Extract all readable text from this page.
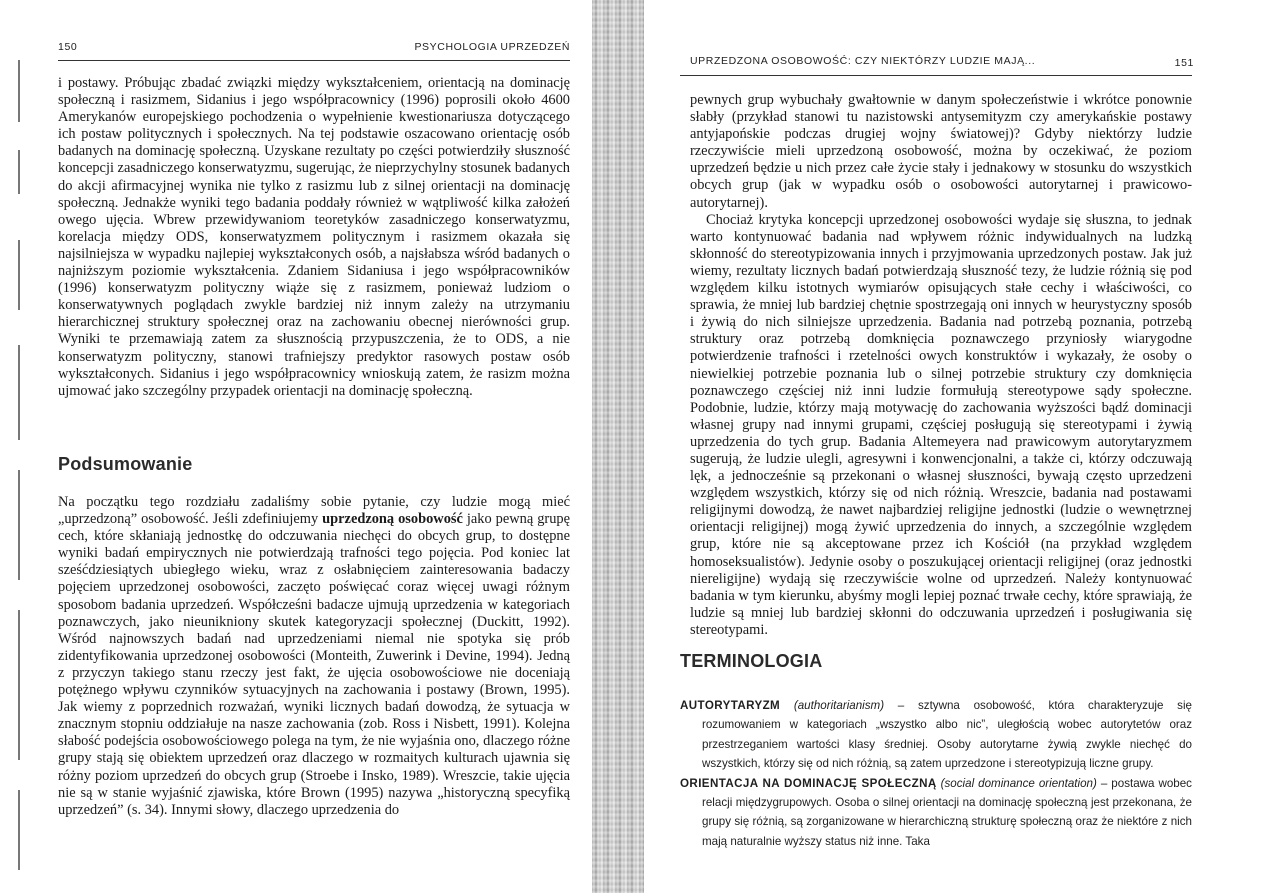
150	PSYCHOLOGIA UPRZEDZEŃ

i postawy. Próbując zbadać związki między wykształceniem, orientacją na dominację społeczną i rasizmem, Sidanius i jego współpracownicy (1996) poprosili około 4600 Amerykanów europejskiego pochodzenia o wypełnienie kwestionariusza dotyczącego ich postaw politycznych i społecznych. Na tej podstawie oszacowano orientację osób badanych na dominację społeczną. Uzyskane rezultaty po części potwierdziły słuszność koncepcji zasadniczego konserwatyzmu, sugerując, że nieprzychylny stosunek badanych do akcji afirmacyjnej wynika nie tylko z rasizmu lub z silnej orientacji na dominację społeczną. Jednakże wyniki tego badania poddały również w wątpliwość kilka założeń owego ujęcia. Wbrew przewidywaniom teoretyków zasadniczego konserwatyzmu, korelacja między ODS, konserwatyzmem politycznym i rasizmem okazała się najsilniejsza w wypadku najlepiej wykształconych osób, a najsłabsza wśród badanych o najniższym poziomie wykształcenia. Zdaniem Sidaniusa i jego współpracowników (1996) konserwatyzm polityczny wiąże się z rasizmem, ponieważ ludziom o konserwatywnych poglądach zwykle bardziej niż innym zależy na utrzymaniu hierarchicznej struktury społecznej oraz na zachowaniu obecnej nierówności grup. Wyniki te przemawiają zatem za słusznością przypuszczenia, że to ODS, a nie konserwatyzm polityczny, stanowi trafniejszy predyktor rasowych postaw osób wykształconych. Sidanius i jego współpracownicy wnioskują zatem, że rasizm można ujmować jako szczególny przypadek orientacji na dominację społeczną.

Podsumowanie

Na początku tego rozdziału zadaliśmy sobie pytanie, czy ludzie mogą mieć „uprzedzoną” osobowość. Jeśli zdefiniujemy uprzedzoną osobowość jako pewną grupę cech, które skłaniają jednostkę do odczuwania niechęci do obcych grup, to dostępne wyniki badań empirycznych nie potwierdzają trafności tego pojęcia. Pod koniec lat sześćdziesiątych ubiegłego wieku, wraz z osłabnięciem zainteresowania badaczy pojęciem uprzedzonej osobowości, zaczęto poświęcać coraz więcej uwagi różnym sposobom badania uprzedzeń. Współcześni badacze ujmują uprzedzenia w kategoriach poznawczych, jako nieunikniony skutek kategoryzacji społecznej (Duckitt, 1992). Wśród najnowszych badań nad uprzedzeniami niemal nie spotyka się prób zidentyfikowania uprzedzonej osobowości (Monteith, Zuwerink i Devine, 1994). Jedną z przyczyn takiego stanu rzeczy jest fakt, że ujęcia osobowościowe nie doceniają potężnego wpływu czynników sytuacyjnych na zachowania i postawy (Brown, 1995). Jak wiemy z poprzednich rozważań, wyniki licznych badań dowodzą, że sytuacja w znacznym stopniu oddziałuje na nasze zachowania (zob. Ross i Nisbett, 1991). Kolejna słabość podejścia osobowościowego polega na tym, że nie wyjaśnia ono, dlaczego różne grupy stają się obiektem uprzedzeń oraz dlaczego w rozmaitych kulturach ujawnia się różny poziom uprzedzeń do obcych grup (Stroebe i Insko, 1989). Wreszcie, takie ujęcia nie są w stanie wyjaśnić zjawiska, które Brown (1995) nazywa „historyczną specyfiką uprzedzeń” (s. 34). Innymi słowy, dlaczego uprzedzenia do

UPRZEDZONA OSOBOWOŚĆ: CZY NIEKTÓRZY LUDZIE MAJĄ...	151

pewnych grup wybuchały gwałtownie w danym społeczeństwie i wkrótce ponownie słabły (przykład stanowi tu nazistowski antysemityzm czy amerykańskie postawy antyjapońskie podczas drugiej wojny światowej)? Gdyby niektórzy ludzie rzeczywiście mieli uprzedzoną osobowość, można by oczekiwać, że poziom uprzedzeń będzie u nich przez całe życie stały i jednakowy w stosunku do wszystkich obcych grup (jak w wypadku osób o osobowości autorytarnej i prawicowo-autorytarnej).

Chociaż krytyka koncepcji uprzedzonej osobowości wydaje się słuszna, to jednak warto kontynuować badania nad wpływem różnic indywidualnych na ludzką skłonność do stereotypizowania innych i przyjmowania uprzedzonych postaw. Jak już wiemy, rezultaty licznych badań potwierdzają słuszność tezy, że ludzie różnią się pod względem kilku istotnych wymiarów opisujących stałe cechy i właściwości, co sprawia, że mniej lub bardziej chętnie spostrzegają oni innych w heurystyczny sposób i żywią do nich silniejsze uprzedzenia. Badania nad potrzebą poznania, potrzebą struktury oraz potrzebą domknięcia poznawczego przyniosły wiarygodne potwierdzenie trafności i rzetelności owych konstruktów i wykazały, że osoby o niewielkiej potrzebie poznania lub o silnej potrzebie struktury czy domknięcia poznawczego częściej niż inni ludzie formułują stereotypowe sądy społeczne. Podobnie, ludzie, którzy mają motywację do zachowania wyższości bądź dominacji własnej grupy nad innymi grupami, częściej posługują się stereotypami i żywią uprzedzenia do tych grup. Badania Altemeyera nad prawicowym autorytaryzmem sugerują, że ludzie ulegli, agresywni i konwencjonalni, a także ci, którzy odczuwają lęk, a jednocześnie są przekonani o własnej słuszności, bywają często uprzedzeni względem wszystkich, którzy się od nich różnią. Wreszcie, badania nad postawami religijnymi dowodzą, że nawet najbardziej religijne jednostki (ludzie o wewnętrznej orientacji religijnej) mogą żywić uprzedzenia do innych, a szczególnie względem grup, które nie są akceptowane przez ich Kościół (na przykład względem homoseksualistów). Jedynie osoby o poszukującej orientacji religijnej (oraz jednostki niereligijne) wydają się rzeczywiście wolne od uprzedzeń. Należy kontynuować badania w tym kierunku, abyśmy mogli lepiej poznać trwałe cechy, które sprawiają, że ludzie są mniej lub bardziej skłonni do odczuwania uprzedzeń i posługiwania się stereotypami.

TERMINOLOGIA

AUTORYTARYZM (authoritarianism) – sztywna osobowość, która charakteryzuje się rozumowaniem w kategoriach „wszystko albo nic”, uległością wobec autorytetów oraz przestrzeganiem wartości klasy średniej. Osoby autorytarne żywią zwykle niechęć do wszystkich, którzy się od nich różnią, są zatem uprzedzone i stereotypizują liczne grupy.

ORIENTACJA NA DOMINACJĘ SPOŁECZNĄ (social dominance orientation) – postawa wobec relacji międzygrupowych. Osoba o silnej orientacji na dominację społeczną jest przekonana, że grupy się różnią, są zorganizowane w hierarchiczną strukturę społeczną oraz że niektóre z nich mają naturalnie wyższy status niż inne. Taka
